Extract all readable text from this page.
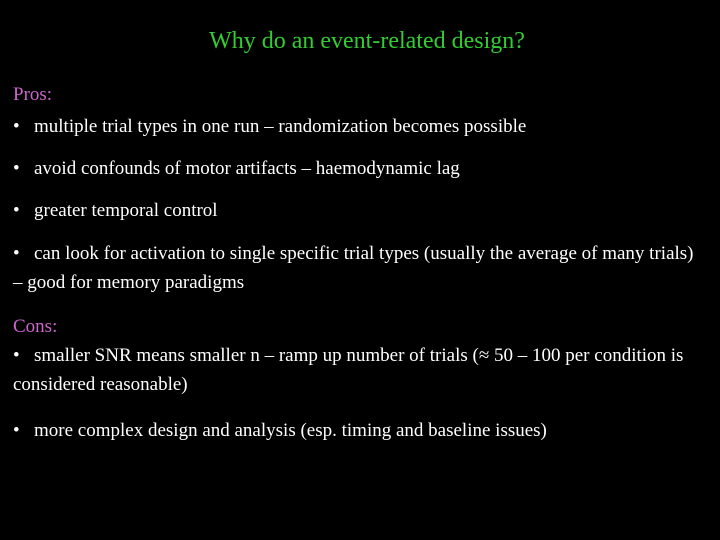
Why do an event-related design?
Pros:
• multiple trial types in one run – randomization becomes possible
• avoid confounds of motor artifacts – haemodynamic lag
• greater temporal control
• can look for activation to single specific trial types (usually the average of many trials) – good for memory paradigms
Cons:
• smaller SNR means smaller n – ramp up number of trials (≈ 50 – 100 per condition is considered reasonable)
• more complex design and analysis (esp. timing and baseline issues)
